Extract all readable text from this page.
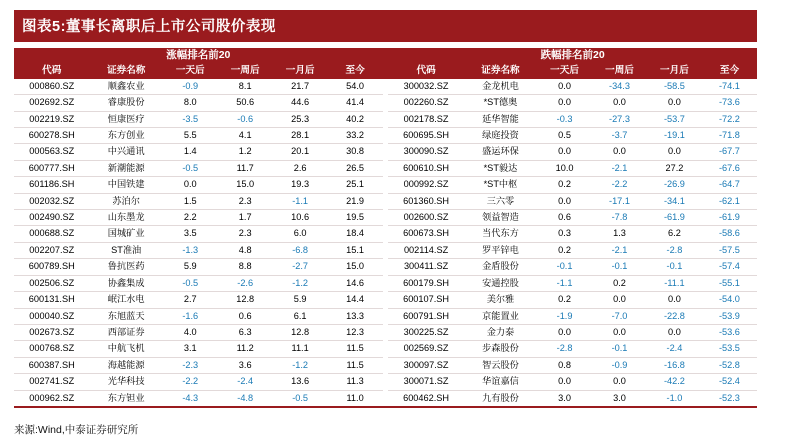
图表5: 董事长离职后上市公司股价表现
涨幅排名前20							跌幅排名前20					
代码	证券名称	一天后	一周后	一月后	至今		代码	证券名称	一天后	一周后	一月后	至今
000860.SZ	顺鑫农业	-0.9	8.1	21.7	54.0		300032.SZ	金龙机电	0.0	-34.3	-58.5	-74.1
002692.SZ	睿康股份	8.0	50.6	44.6	41.4		002260.SZ	*ST德奥	0.0	0.0	0.0	-73.6
002219.SZ	恒康医疗	-3.5	-0.6	25.3	40.2		002178.SZ	延华智能	-0.3	-27.3	-53.7	-72.2
600278.SH	东方创业	5.5	4.1	28.1	33.2		600695.SH	绿庭投资	0.5	-3.7	-19.1	-71.8
000563.SZ	中兴通讯	1.4	1.2	20.1	30.8		300090.SZ	盛运环保	0.0	0.0	0.0	-67.7
600777.SH	新潮能源	-0.5	11.7	2.6	26.5		600610.SH	*ST毅达	10.0	-2.1	27.2	-67.6
601186.SH	中国铁建	0.0	15.0	19.3	25.1		000992.SZ	*ST中枢	0.2	-2.2	-26.9	-64.7
002032.SZ	苏泊尔	1.5	2.3	-1.1	21.9		601360.SH	三六零	0.0	-17.1	-34.1	-62.1
002490.SZ	山东墨龙	2.2	1.7	10.6	19.5		002600.SZ	领益智造	0.6	-7.8	-61.9	-61.9
000688.SZ	国城矿业	3.5	2.3	6.0	18.4		600673.SH	当代东方	0.3	1.3	6.2	-58.6
002207.SZ	ST准油	-1.3	4.8	-6.8	15.1		002114.SZ	罗平锌电	0.2	-2.1	-2.8	-57.5
600789.SH	鲁抗医药	5.9	8.8	-2.7	15.0		300411.SZ	金盾股份	-0.1	-0.1	-0.1	-57.4
002506.SZ	协鑫集成	-0.5	-2.6	-1.2	14.6		600179.SH	安通控股	-1.1	0.2	-11.1	-55.1
600131.SH	岷江水电	2.7	12.8	5.9	14.4		600107.SH	美尔雅	0.2	0.0	0.0	-54.0
000040.SZ	东旭蓝天	-1.6	0.6	6.1	13.3		600791.SH	京能置业	-1.9	-7.0	-22.8	-53.9
002673.SZ	西部证券	4.0	6.3	12.8	12.3		300225.SZ	金力泰	0.0	0.0	0.0	-53.6
000768.SZ	中航飞机	3.1	11.2	11.1	11.5		002569.SZ	步森股份	-2.8	-0.1	-2.4	-53.5
600387.SH	海越能源	-2.3	3.6	-1.2	11.5		300097.SZ	智云股份	0.8	-0.9	-16.8	-52.8
002741.SZ	光华科技	-2.2	-2.4	13.6	11.3		300071.SZ	华谊嘉信	0.0	0.0	-42.2	-52.4
000962.SZ	东方钽业	-4.3	-4.8	-0.5	11.0		600462.SH	九有股份	3.0	3.0	-1.0	-52.3
来源:Wind,中泰证券研究所
